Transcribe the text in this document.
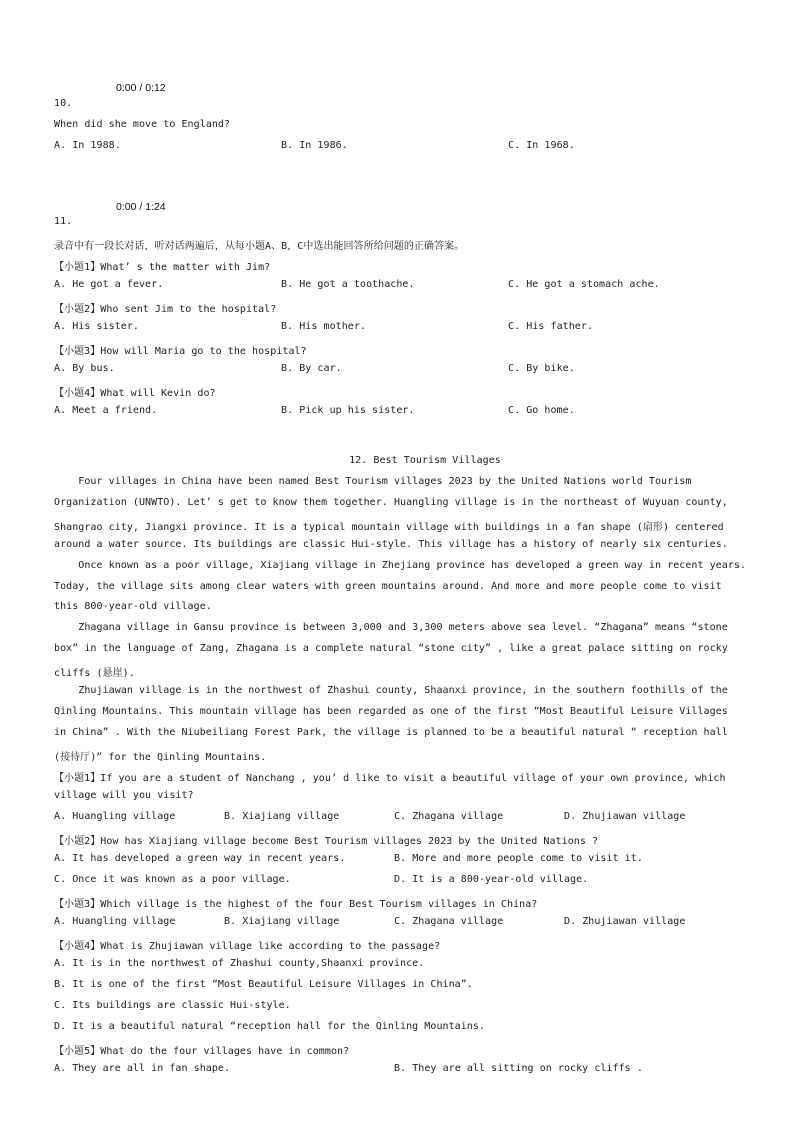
0:00 / 0:12
10.
When did she move to England?
A. In 1988.	B. In 1986.	C. In 1968.
0:00 / 1:24
11.
录音中有一段长对话，听对话两遍后，从每小题A、B，C中选出能回答所给问题的正确答案。
【小题1】What’ s the matter with Jim?
A. He got a fever.	B. He got a toothache.	C. He got a stomach ache.
【小题2】Who sent Jim to the hospital?
A. His sister.	B. His mother.	C. His father.
【小题3】How will Maria go to the hospital?
A. By bus.	B. By car.	C. By bike.
【小题4】What will Kevin do?
A. Meet a friend.	B. Pick up his sister.	C. Go home.
12. Best Tourism Villages
Four villages in China have been named Best Tourism villages 2023 by the United Nations world Tourism
Organization (UNWTO). Let’ s get to know them together. Huangling village is in the northeast of Wuyuan county,
Shangrao city, Jiangxi province. It is a typical mountain village with buildings in a fan shape (扇形) centered
around a water source. Its buildings are classic Hui-style. This village has a history of nearly six centuries.
Once known as a poor village, Xiajiang village in Zhejiang province has developed a green way in recent years.
Today, the village sits among clear waters with green mountains around. And more and more people come to visit
this 800-year-old village.
Zhagana village in Gansu province is between 3,000 and 3,300 meters above sea level. “Zhagana” means “stone
box” in the language of Zang, Zhagana is a complete natural “stone city” , like a great palace sitting on rocky
cliffs (悬崖).
Zhujiawan village is in the northwest of Zhashui county, Shaanxi province, in the southern foothills of the
Qinling Mountains. This mountain village has been regarded as one of the first “Most Beautiful Leisure Villages
in China” . With the Niubeiliang Forest Park, the village is planned to be a beautiful natural “ reception hall
(接待厅)” for the Qinling Mountains.
【小题1】If you are a student of Nanchang , you’ d like to visit a beautiful village of your own province, which
village will you visit?
A. Huangling village	B. Xiajiang village	C. Zhagana village	D. Zhujiawan village
【小题2】How has Xiajiang village become Best Tourism villages 2023 by the United Nations ?
A. It has developed a green way in recent years.	B. More and more people come to visit it.
C. Once it was known as a poor village.	D. It is a 800-year-old village.
【小题3】Which village is the highest of the four Best Tourism villages in China?
A. Huangling village	B. Xiajiang village	C. Zhagana village	D. Zhujiawan village
【小题4】What is Zhujiawan village like according to the passage?
A. It is in the northwest of Zhashui county,Shaanxi province.
B. It is one of the first “Most Beautiful Leisure Villages in China”.
C. Its buildings are classic Hui-style.
D. It is a beautiful natural “reception hall for the Qinling Mountains.
【小题5】What do the four villages have in common?
A. They are all in fan shape.	B. They are all sitting on rocky cliffs .
